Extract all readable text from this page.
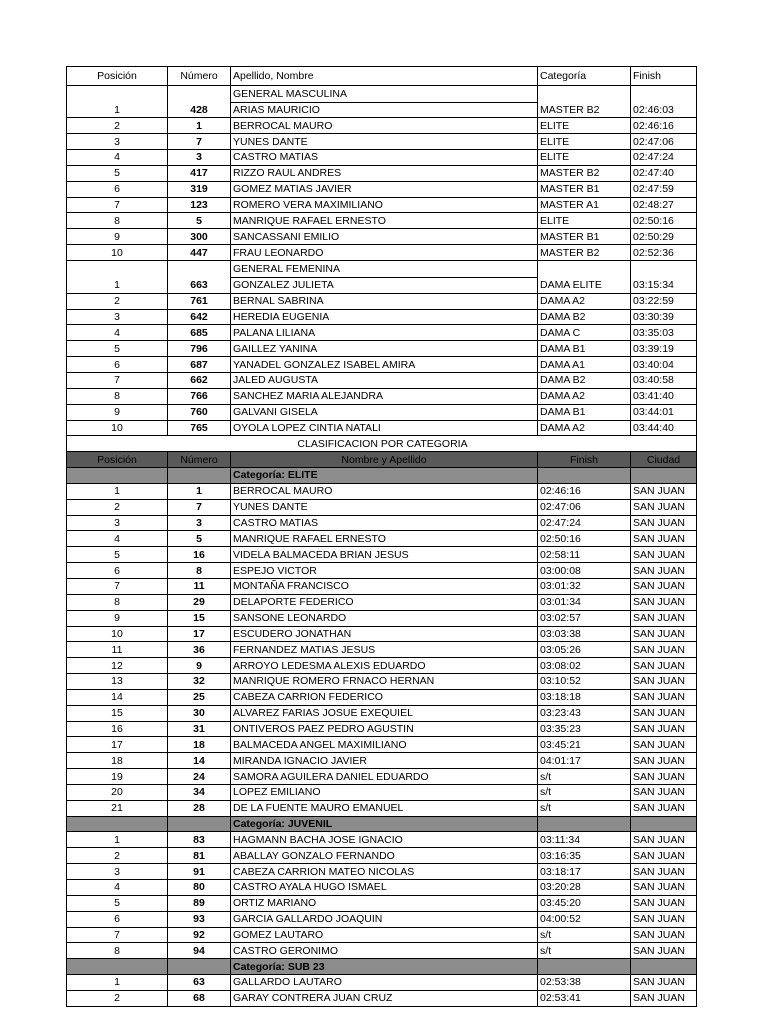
Posición	Número	Apellido, Nombre	Categoría	Finish
		GENERAL MASCULINA		
1	428	ARIAS MAURICIO	MASTER B2	02:46:03
2	1	BERROCAL MAURO	ELITE	02:46:16
3	7	YUNES DANTE	ELITE	02:47:06
4	3	CASTRO MATIAS	ELITE	02:47:24
5	417	RIZZO RAUL ANDRES	MASTER B2	02:47:40
6	319	GOMEZ MATIAS JAVIER	MASTER B1	02:47:59
7	123	ROMERO VERA MAXIMILIANO	MASTER A1	02:48:27
8	5	MANRIQUE RAFAEL ERNESTO	ELITE	02:50:16
9	300	SANCASSANI EMILIO	MASTER B1	02:50:29
10	447	FRAU LEONARDO	MASTER B2	02:52:36
		GENERAL FEMENINA		
1	663	GONZALEZ JULIETA	DAMA ELITE	03:15:34
2	761	BERNAL SABRINA	DAMA A2	03:22:59
3	642	HEREDIA EUGENIA	DAMA B2	03:30:39
4	685	PALANA LILIANA	DAMA C	03:35:03
5	796	GAILLEZ YANINA	DAMA B1	03:39:19
6	687	YANADEL GONZALEZ ISABEL AMIRA	DAMA A1	03:40:04
7	662	JALED AUGUSTA	DAMA B2	03:40:58
8	766	SANCHEZ MARIA ALEJANDRA	DAMA A2	03:41:40
9	760	GALVANI GISELA	DAMA B1	03:44:01
10	765	OYOLA LOPEZ CINTIA NATALI	DAMA A2	03:44:40
CLASIFICACION POR CATEGORIA				
Posición	Número	Nombre y Apellido	Finish	Ciudad
		Categoría: ELITE		
1	1	BERROCAL MAURO	02:46:16	SAN JUAN
2	7	YUNES DANTE	02:47:06	SAN JUAN
3	3	CASTRO MATIAS	02:47:24	SAN JUAN
4	5	MANRIQUE RAFAEL ERNESTO	02:50:16	SAN JUAN
5	16	VIDELA BALMACEDA BRIAN JESUS	02:58:11	SAN JUAN
6	8	ESPEJO VICTOR	03:00:08	SAN JUAN
7	11	MONTAÑA FRANCISCO	03:01:32	SAN JUAN
8	29	DELAPORTE FEDERICO	03:01:34	SAN JUAN
9	15	SANSONE LEONARDO	03:02:57	SAN JUAN
10	17	ESCUDERO JONATHAN	03:03:38	SAN JUAN
11	36	FERNANDEZ MATIAS JESUS	03:05:26	SAN JUAN
12	9	ARROYO LEDESMA ALEXIS EDUARDO	03:08:02	SAN JUAN
13	32	MANRIQUE ROMERO FRNACO HERNAN	03:10:52	SAN JUAN
14	25	CABEZA CARRION FEDERICO	03:18:18	SAN JUAN
15	30	ALVAREZ FARIAS JOSUE EXEQUIEL	03:23:43	SAN JUAN
16	31	ONTIVEROS PAEZ PEDRO AGUSTIN	03:35:23	SAN JUAN
17	18	BALMACEDA ANGEL MAXIMILIANO	03:45:21	SAN JUAN
18	14	MIRANDA IGNACIO JAVIER	04:01:17	SAN JUAN
19	24	SAMORA AGUILERA DANIEL EDUARDO	s/t	SAN JUAN
20	34	LOPEZ EMILIANO	s/t	SAN JUAN
21	28	DE LA FUENTE MAURO EMANUEL	s/t	SAN JUAN
		Categoría: JUVENIL		
1	83	HAGMANN BACHA JOSE IGNACIO	03:11:34	SAN JUAN
2	81	ABALLAY GONZALO FERNANDO	03:16:35	SAN JUAN
3	91	CABEZA CARRION MATEO NICOLAS	03:18:17	SAN JUAN
4	80	CASTRO AYALA HUGO ISMAEL	03:20:28	SAN JUAN
5	89	ORTIZ MARIANO	03:45:20	SAN JUAN
6	93	GARCIA GALLARDO JOAQUIN	04:00:52	SAN JUAN
7	92	GOMEZ LAUTARO	s/t	SAN JUAN
8	94	CASTRO GERONIMO	s/t	SAN JUAN
		Categoría: SUB 23		
1	63	GALLARDO LAUTARO	02:53:38	SAN JUAN
2	68	GARAY CONTRERA JUAN CRUZ	02:53:41	SAN JUAN
